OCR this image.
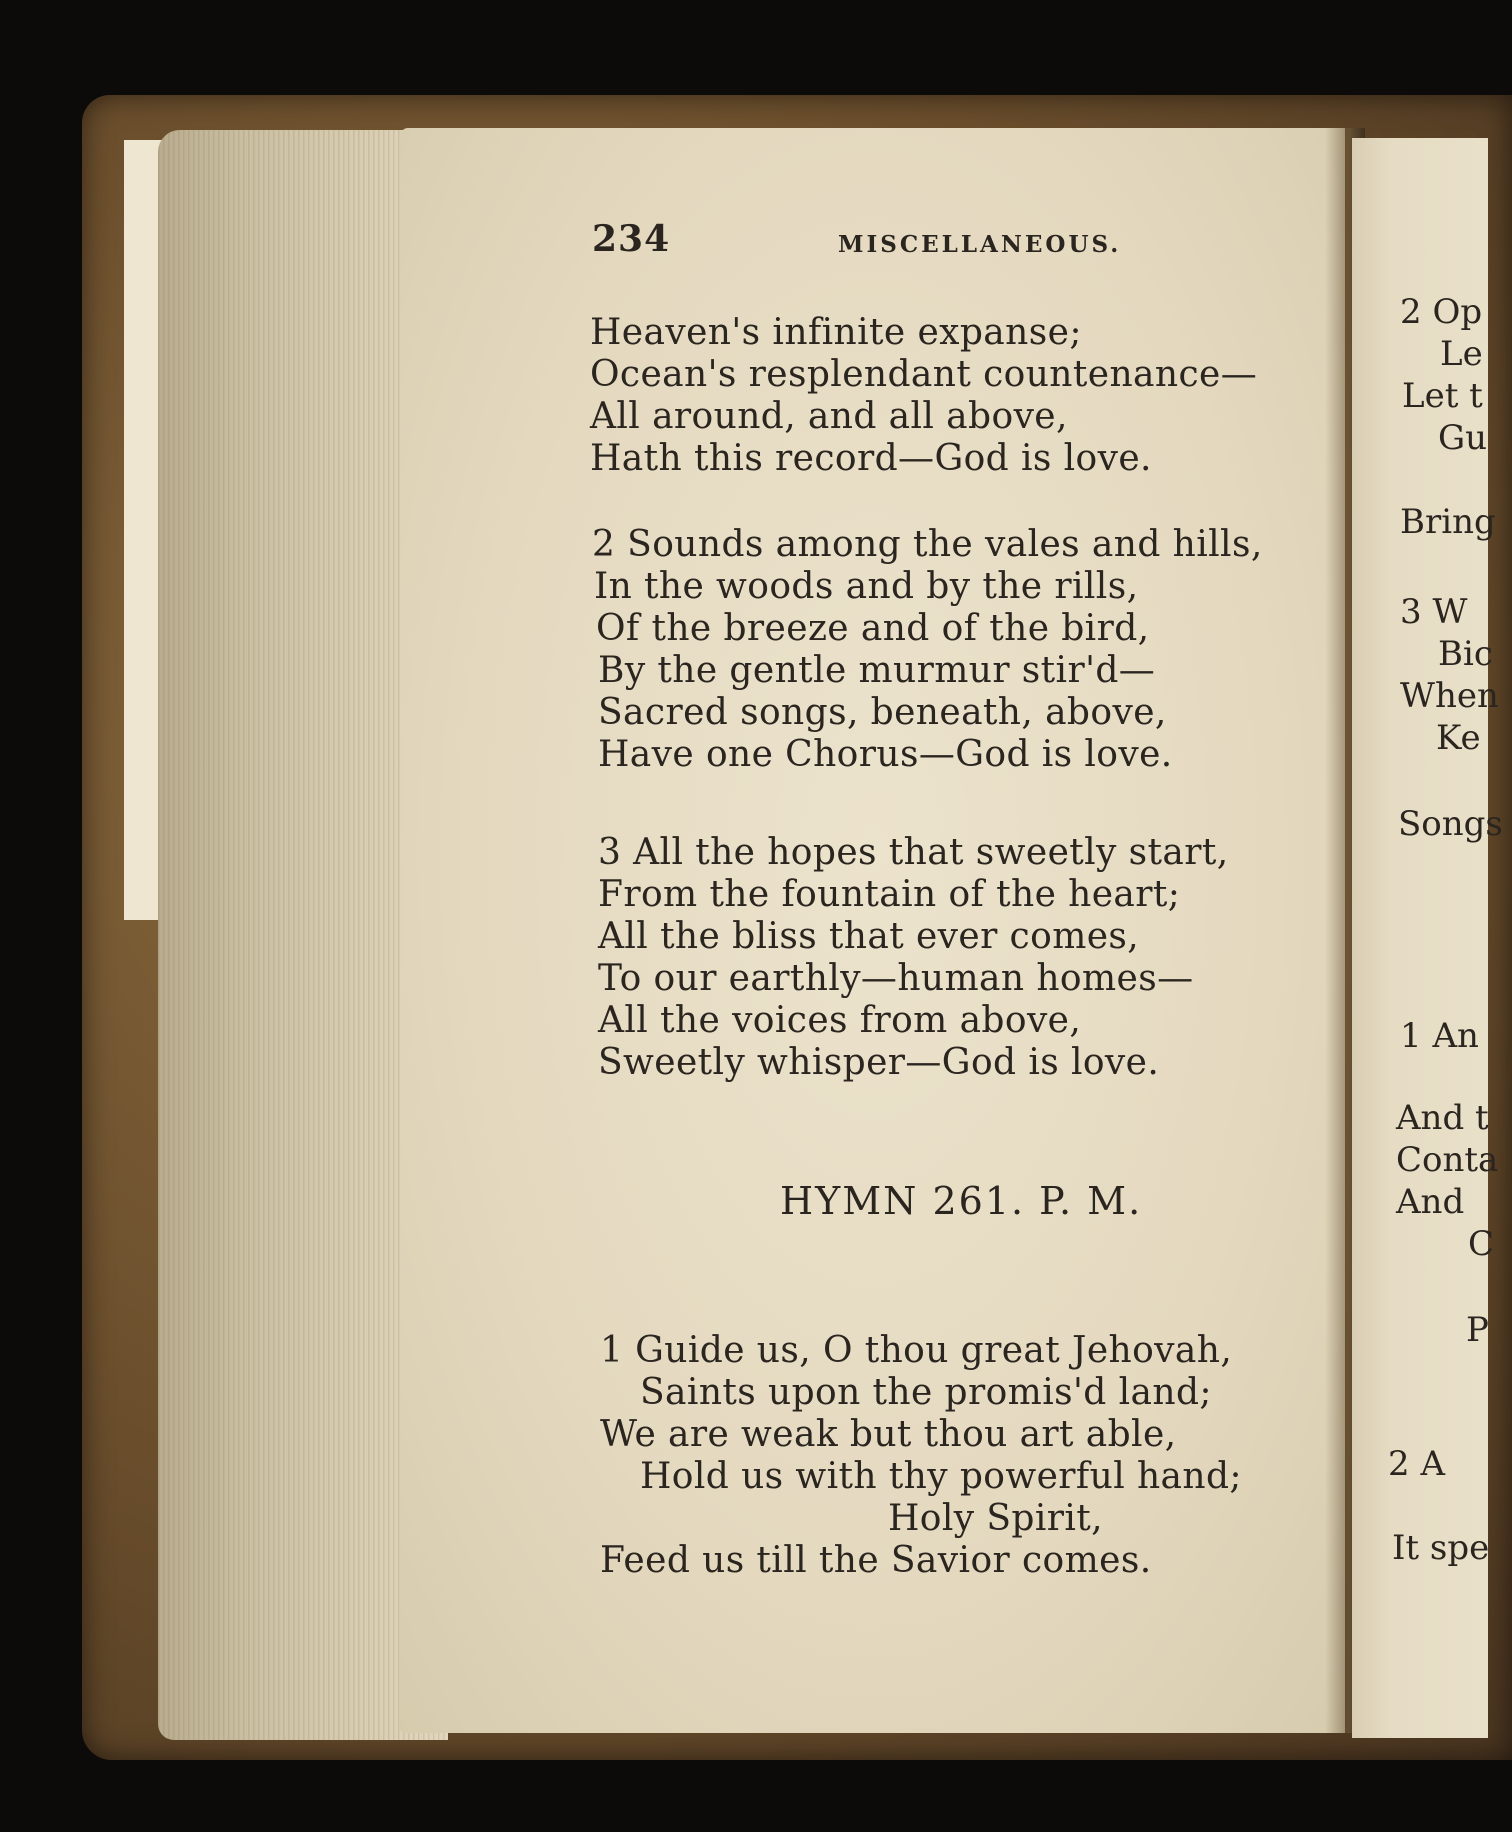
234	MISCELLANEOUS.
Heaven's infinite expanse;
Ocean's resplendant countenance—
All around, and all above,
Hath this record—God is love.
2 Sounds among the vales and hills,
In the woods and by the rills,
Of the breeze and of the bird,
By the gentle murmur stir'd—
Sacred songs, beneath, above,
Have one Chorus—God is love.
3 All the hopes that sweetly start,
From the fountain of the heart;
All the bliss that ever comes,
To our earthly—human homes—
All the voices from above,
Sweetly whisper—God is love.
HYMN 261. P. M.
1 Guide us, O thou great Jehovah,
Saints upon the promis'd land;
We are weak but thou art able,
Hold us with thy powerful hand;
Holy Spirit,
Feed us till the Savior comes.
2 Op
Le
Let t
Gu
Bring
3 W
Bic
When
Ke
Songs
1 An
And t
Conta
And
C
P
2 A
It spe
